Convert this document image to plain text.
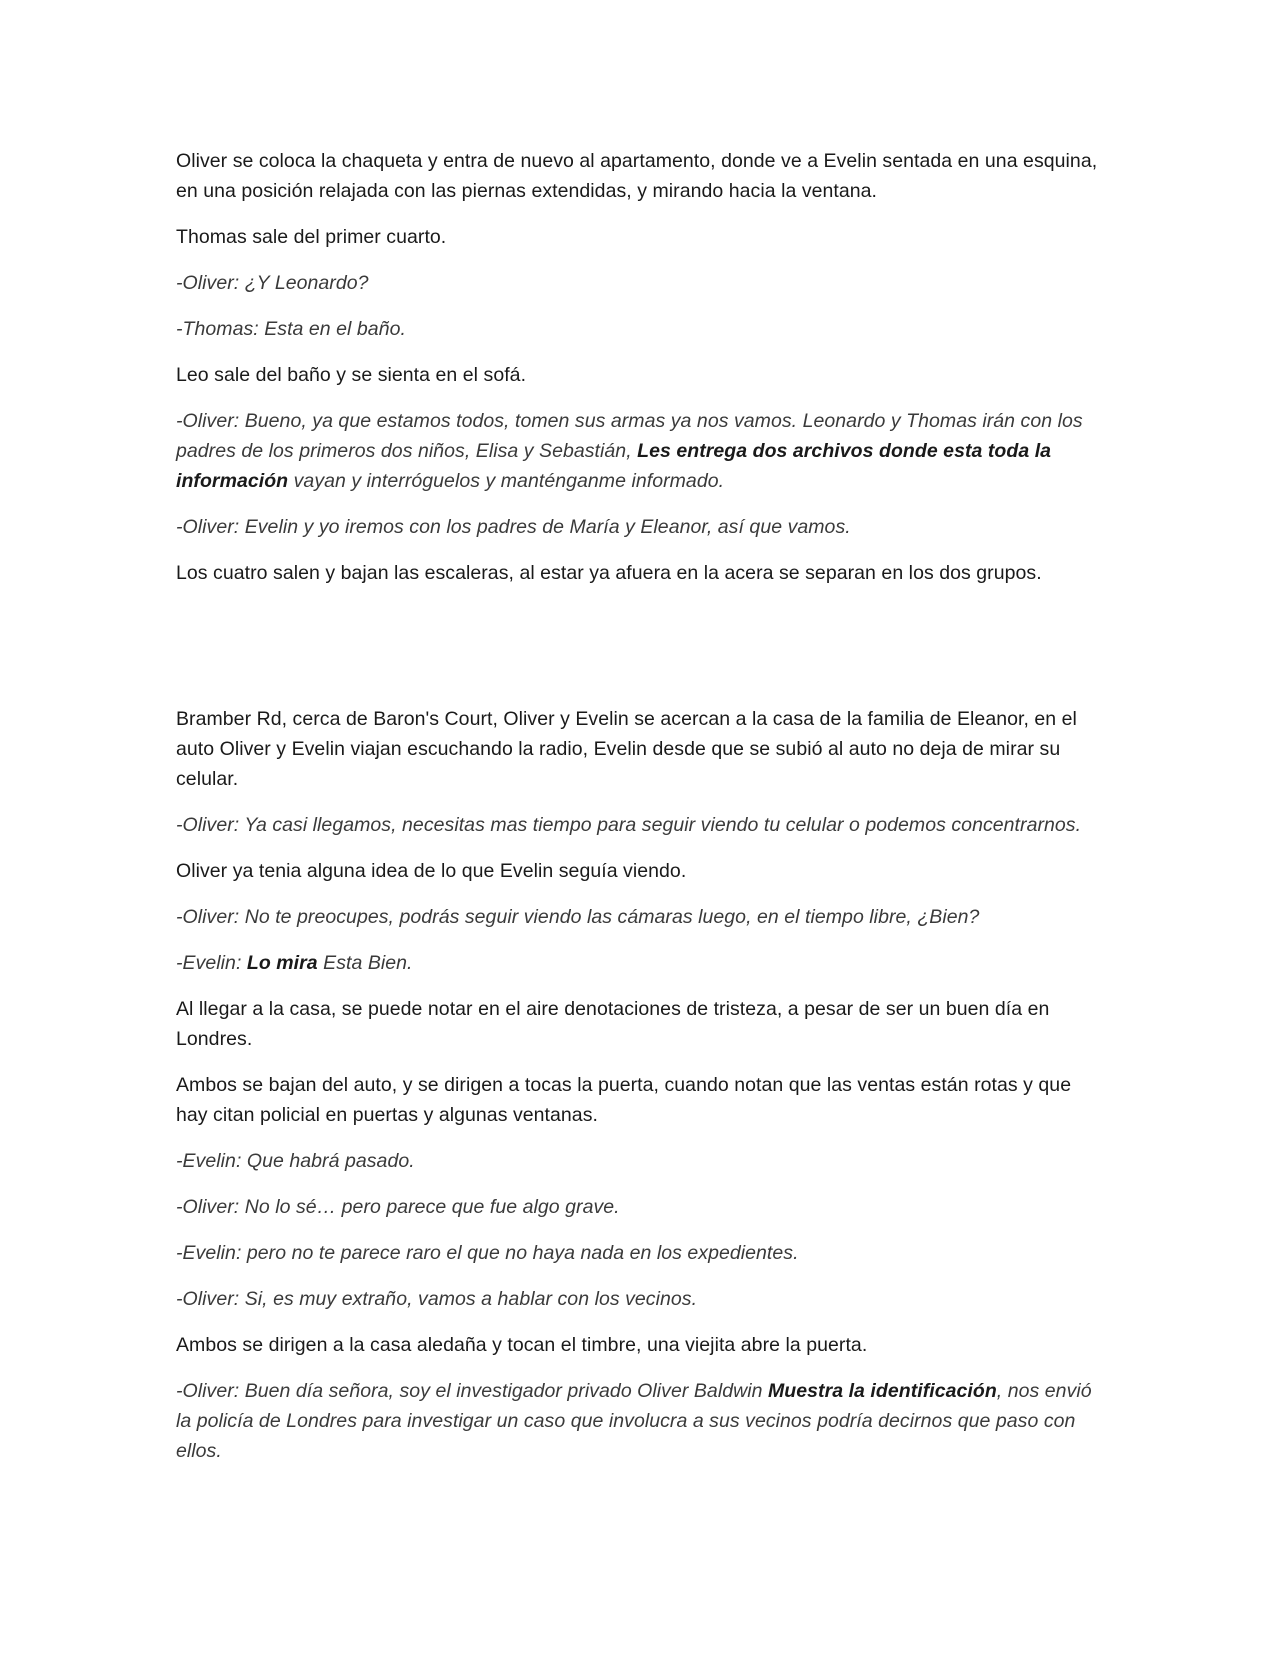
Oliver se coloca la chaqueta y entra de nuevo al apartamento, donde ve a Evelin sentada en una esquina, en una posición relajada con las piernas extendidas, y mirando hacia la ventana.

Thomas sale del primer cuarto.

-Oliver: ¿Y Leonardo?

-Thomas: Esta en el baño.

Leo sale del baño y se sienta en el sofá.

-Oliver: Bueno, ya que estamos todos, tomen sus armas ya nos vamos. Leonardo y Thomas irán con los padres de los primeros dos niños, Elisa y Sebastián, Les entrega dos archivos donde esta toda la información vayan y interróguelos y manténganme informado.

-Oliver: Evelin y yo iremos con los padres de María y Eleanor, así que vamos.

Los cuatro salen y bajan las escaleras, al estar ya afuera en la acera se separan en los dos grupos.

Bramber Rd, cerca de Baron's Court, Oliver y Evelin se acercan a la casa de la familia de Eleanor, en el auto Oliver y Evelin viajan escuchando la radio, Evelin desde que se subió al auto no deja de mirar su celular.

-Oliver: Ya casi llegamos, necesitas mas tiempo para seguir viendo tu celular o podemos concentrarnos.

Oliver ya tenia alguna idea de lo que Evelin seguía viendo.

-Oliver: No te preocupes, podrás seguir viendo las cámaras luego, en el tiempo libre, ¿Bien?

-Evelin: Lo mira Esta Bien.

Al llegar a la casa, se puede notar en el aire denotaciones de tristeza, a pesar de ser un buen día en Londres.

Ambos se bajan del auto, y se dirigen a tocas la puerta, cuando notan que las ventas están rotas y que hay citan policial en puertas y algunas ventanas.

-Evelin: Que habrá pasado.

-Oliver: No lo sé… pero parece que fue algo grave.

-Evelin: pero no te parece raro el que no haya nada en los expedientes.

-Oliver: Si, es muy extraño, vamos a hablar con los vecinos.

Ambos se dirigen a la casa aledaña y tocan el timbre, una viejita abre la puerta.

-Oliver: Buen día señora, soy el investigador privado Oliver Baldwin Muestra la identificación, nos envió la policía de Londres para investigar un caso que involucra a sus vecinos podría decirnos que paso con ellos.
